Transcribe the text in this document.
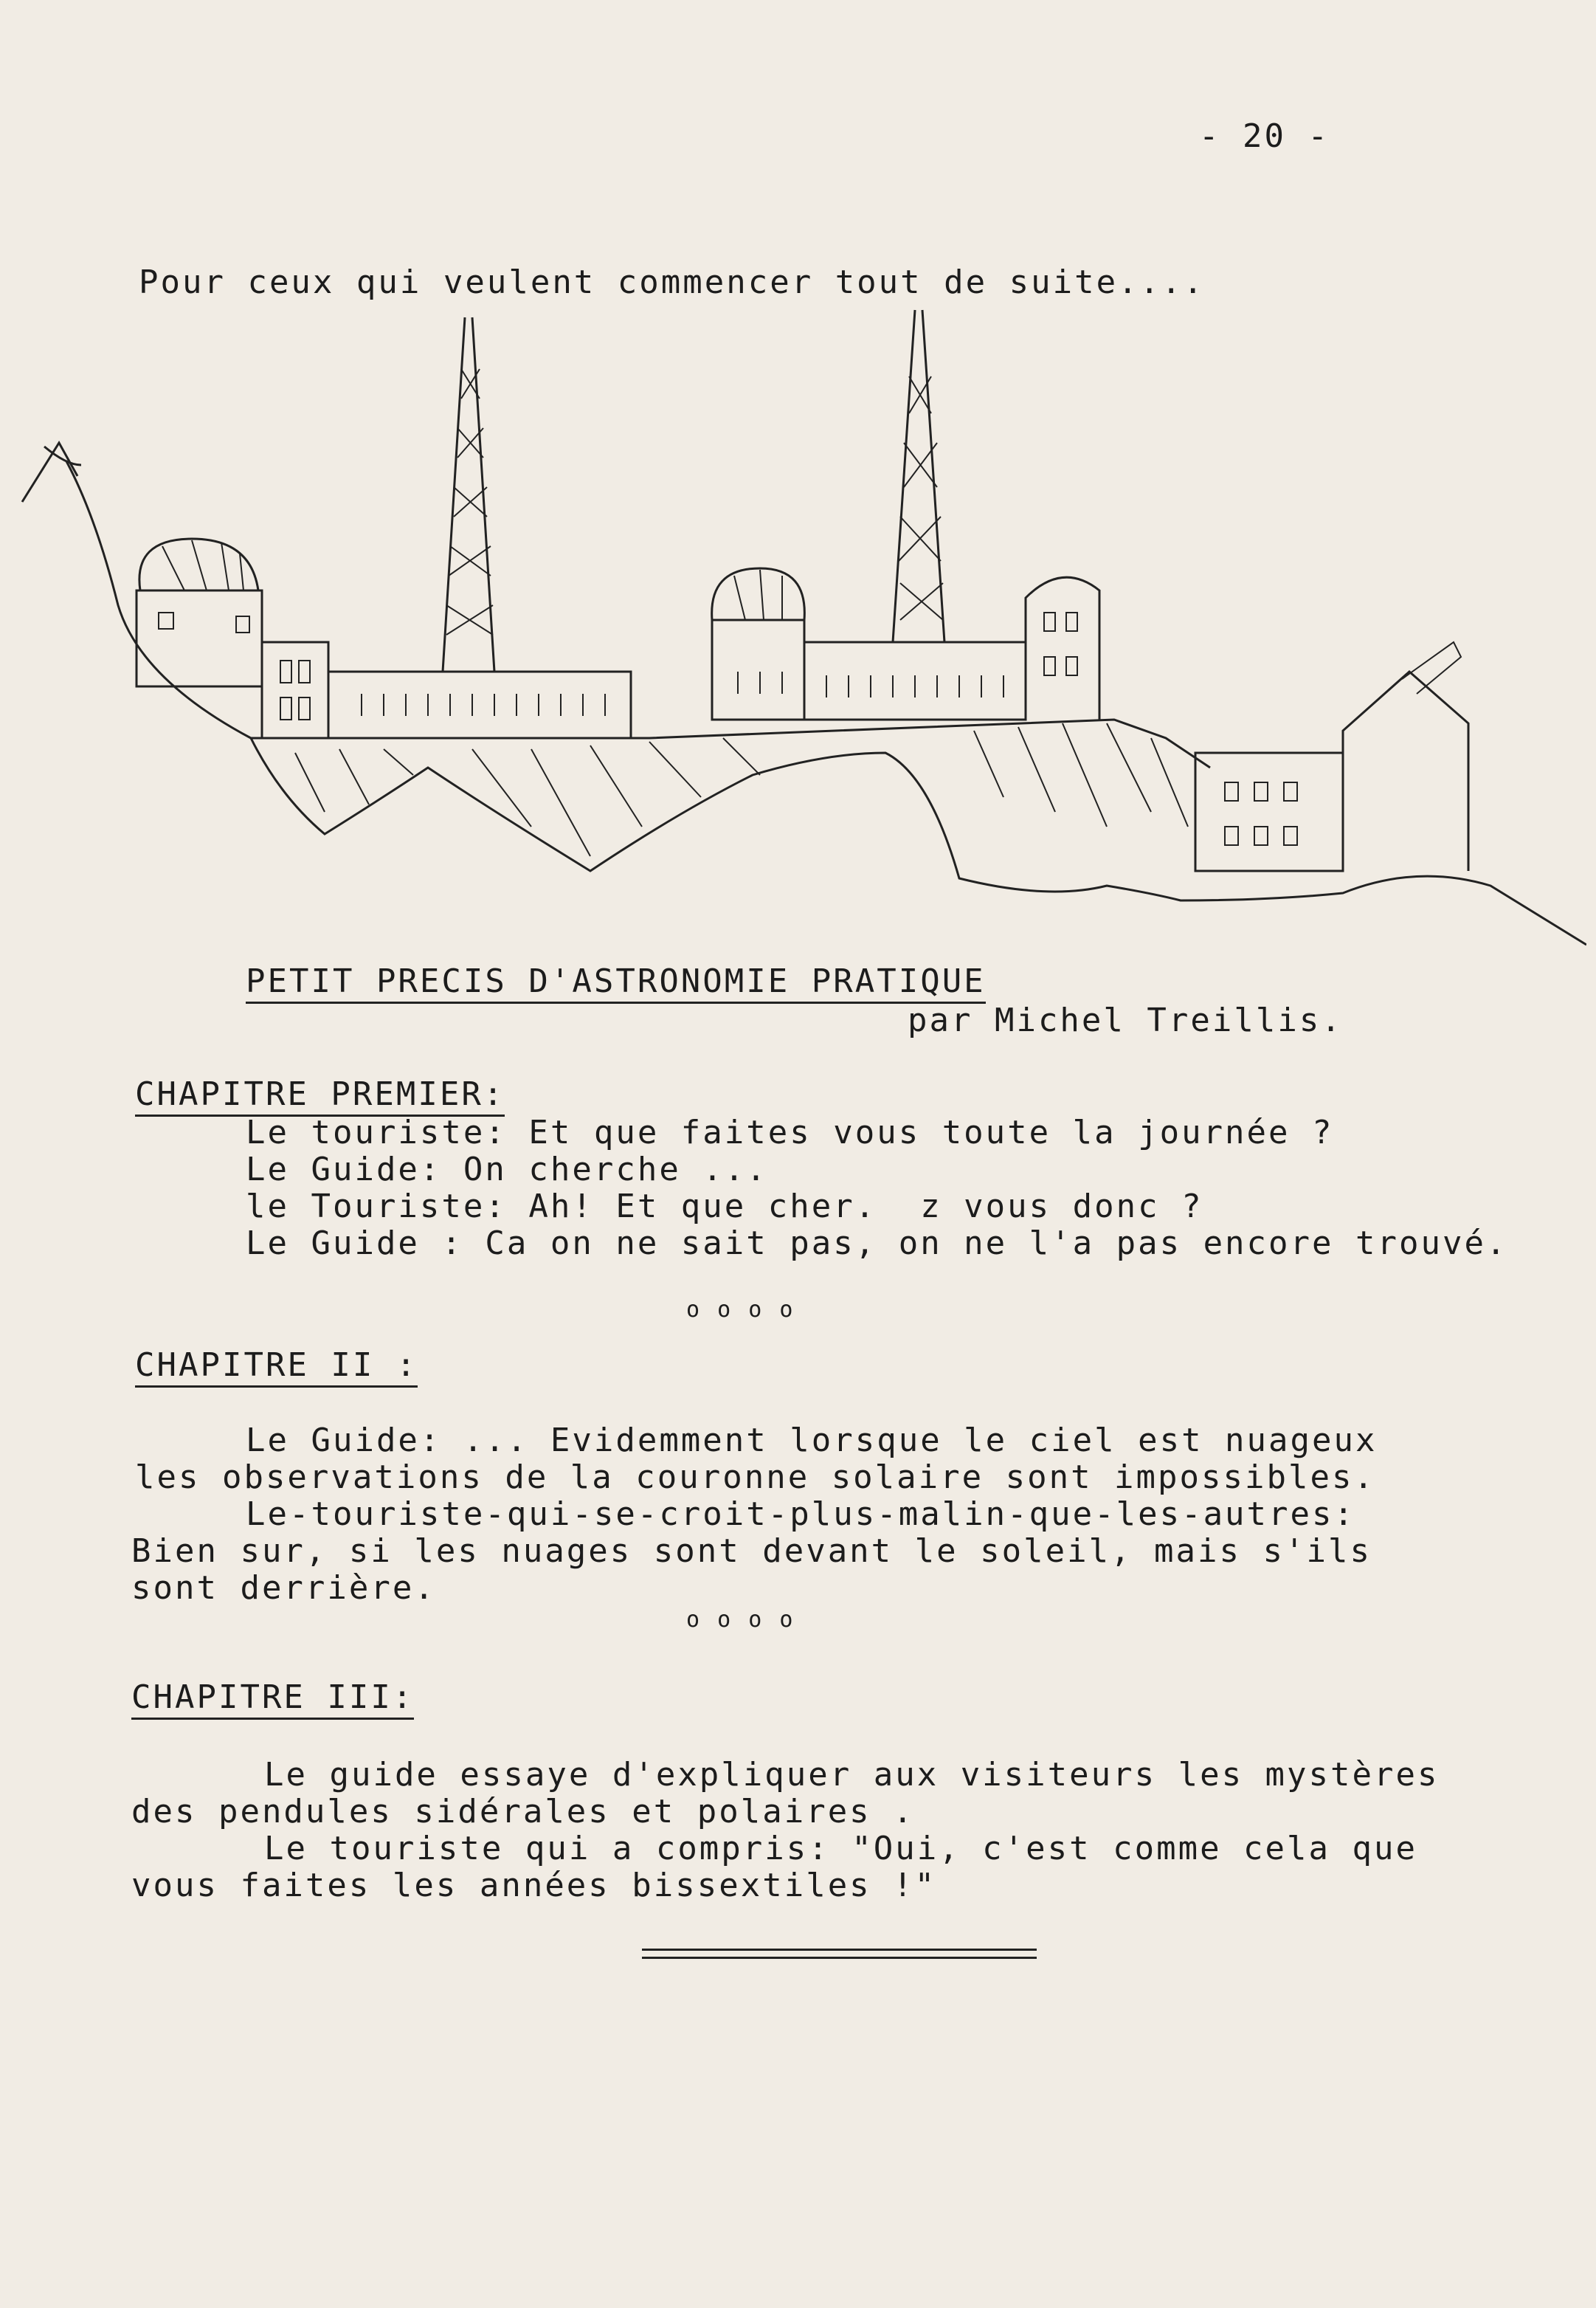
- 20 -
Pour ceux qui veulent commencer tout de suite....
PETIT PRECIS D'ASTRONOMIE PRATIQUE
par Michel Treillis.
CHAPITRE PREMIER:
Le touriste: Et que faites vous toute la journée ?
Le Guide: On cherche ...
le Touriste: Ah! Et que cher.  z vous donc ?
Le Guide : Ca on ne sait pas, on ne l'a pas encore trouvé.
o o o o
CHAPITRE II :
Le Guide: ... Evidemment lorsque le ciel est nuageux
les observations de la couronne solaire sont impossibles.
Le-touriste-qui-se-croit-plus-malin-que-les-autres:
Bien sur, si les nuages sont devant le soleil, mais s'ils
sont derrière.
o o o o
CHAPITRE III:
Le guide essaye d'expliquer aux visiteurs les mystères
des pendules sidérales et polaires .
Le touriste qui a compris: "Oui, c'est comme cela que
vous faites les années bissextiles !"
